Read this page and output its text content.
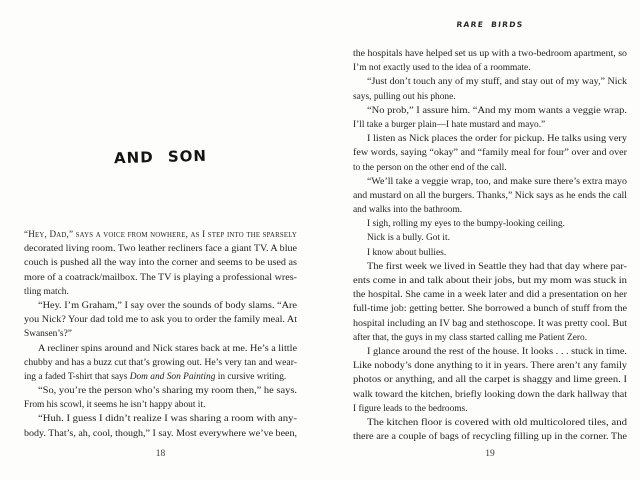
AND SON
“Hey, Dad,” says a voice from nowhere, as I step into the sparsely
decorated living room. Two leather recliners face a giant TV. A blue
couch is pushed all the way into the corner and seems to be used as
more of a coatrack/mailbox. The TV is playing a professional wres-
tling match.
“Hey. I’m Graham,” I say over the sounds of body slams. “Are
you Nick? Your dad told me to ask you to order the family meal. At
Swansen’s?”
A recliner spins around and Nick stares back at me. He’s a little
chubby and has a buzz cut that’s growing out. He’s very tan and wear-
ing a faded T-shirt that says Dom and Son Painting in cursive writing.
“So, you’re the person who’s sharing my room then,” he says.
From his scowl, it seems he isn’t happy about it.
“Huh. I guess I didn’t realize I was sharing a room with any-
body. That’s, ah, cool, though,” I say. Most everywhere we’ve been,
18
RARE BIRDS
the hospitals have helped set us up with a two-bedroom apartment, so
I’m not exactly used to the idea of a roommate.
“Just don’t touch any of my stuff, and stay out of my way,” Nick
says, pulling out his phone.
“No prob,” I assure him. “And my mom wants a veggie wrap.
I’ll take a burger plain—I hate mustard and mayo.”
I listen as Nick places the order for pickup. He talks using very
few words, saying “okay” and “family meal for four” over and over
to the person on the other end of the call.
“We’ll take a veggie wrap, too, and make sure there’s extra mayo
and mustard on all the burgers. Thanks,” Nick says as he ends the call
and walks into the bathroom.
I sigh, rolling my eyes to the bumpy-looking ceiling.
Nick is a bully. Got it.
I know about bullies.
The first week we lived in Seattle they had that day where par-
ents come in and talk about their jobs, but my mom was stuck in
the hospital. She came in a week later and did a presentation on her
full-time job: getting better. She borrowed a bunch of stuff from the
hospital including an IV bag and stethoscope. It was pretty cool. But
after that, the guys in my class started calling me Patient Zero.
I glance around the rest of the house. It looks . . . stuck in time.
Like nobody’s done anything to it in years. There aren’t any family
photos or anything, and all the carpet is shaggy and lime green. I
walk toward the kitchen, briefly looking down the dark hallway that
I figure leads to the bedrooms.
The kitchen floor is covered with old multicolored tiles, and
there are a couple of bags of recycling filling up in the corner. The
19
